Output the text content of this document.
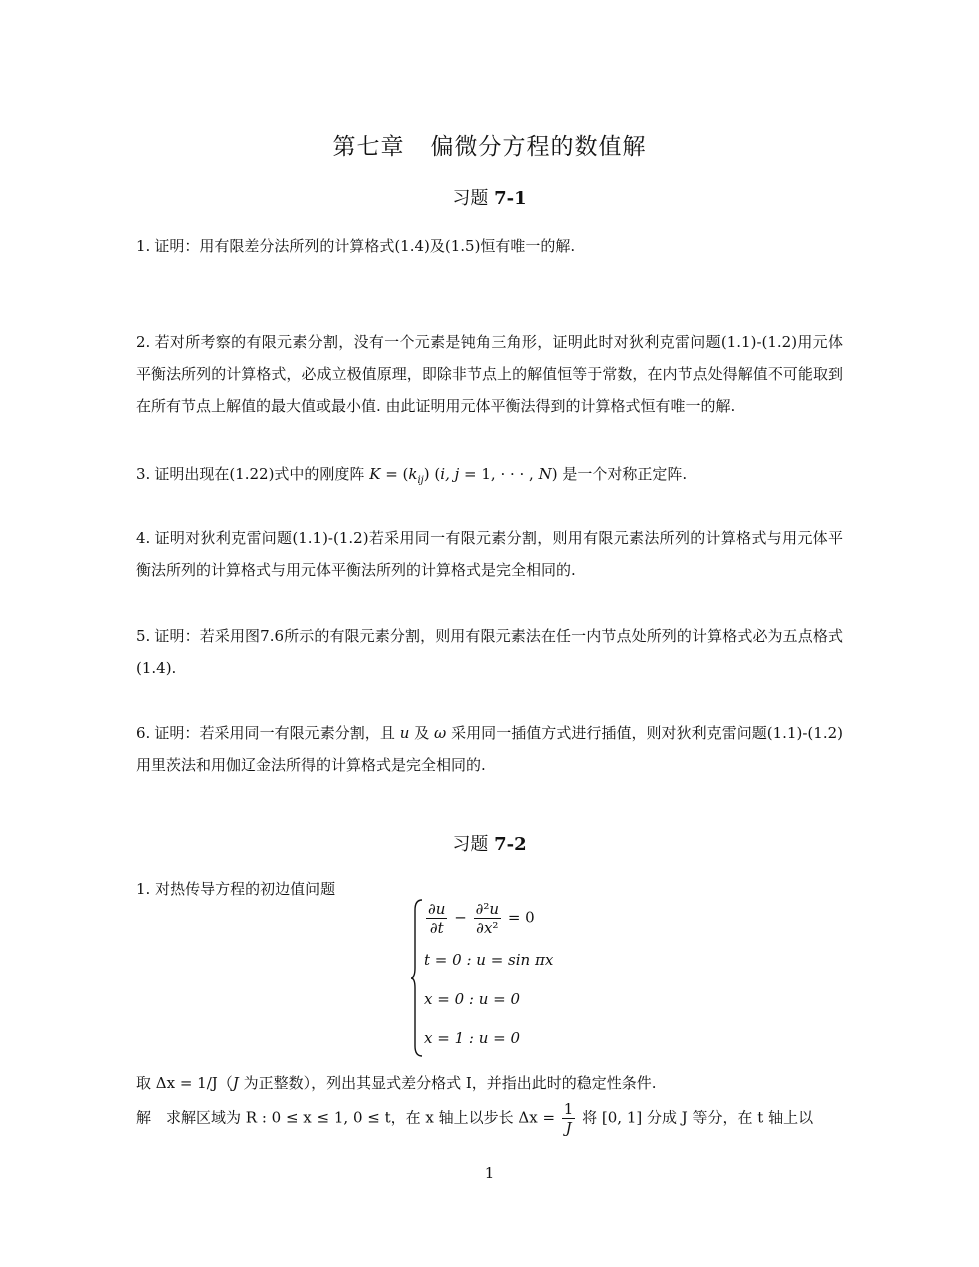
第七章 偏微分方程的数值解
习题 7-1
1. 证明：用有限差分法所列的计算格式(1.4)及(1.5)恒有唯一的解.
2. 若对所考察的有限元素分割，没有一个元素是钝角三角形，证明此时对狄利克雷问题(1.1)-(1.2)用元体平衡法所列的计算格式，必成立极值原理，即除非节点上的解值恒等于常数，在内节点处得解值不可能取到在所有节点上解值的最大值或最小值. 由此证明用元体平衡法得到的计算格式恒有唯一的解.
3. 证明出现在(1.22)式中的刚度阵 $K = (k_{ij})$ (i, j = 1, · · · , N) 是一个对称正定阵.
4. 证明对狄利克雷问题(1.1)-(1.2)若采用同一有限元素分割，则用有限元素法所列的计算格式与用元体平衡法所列的计算格式与用元体平衡法所列的计算格式是完全相同的.
5. 证明：若采用图7.6所示的有限元素分割，则用有限元素法在任一内节点处所列的计算格式必为五点格式(1.4).
6. 证明：若采用同一有限元素分割，且 u 及 ω 采用同一插值方式进行插值，则对狄利克雷问题(1.1)-(1.2)用里茨法和用伽辽金法所得的计算格式是完全相同的.
习题 7-2
1. 对热传导方程的初边值问题
$\frac{\partial u}{\partial t} - \frac{\text{∂²u}}{\text{∂x²}} = 0$
t = 0 : u = sin πx
x = 0 : u = 0
x = 1 : u = 0
取 Δx = 1/J（J 为正整数），列出其显式差分格式 I，并指出此时的稳定性条件.
解　求解区域为 R : 0 ≤ x ≤ 1, 0 ≤ t，在 x 轴上以步长 $\Delta x = \frac{1}{J}$ 将 [0, 1] 分成 J 等分，在 t 轴上以
1
